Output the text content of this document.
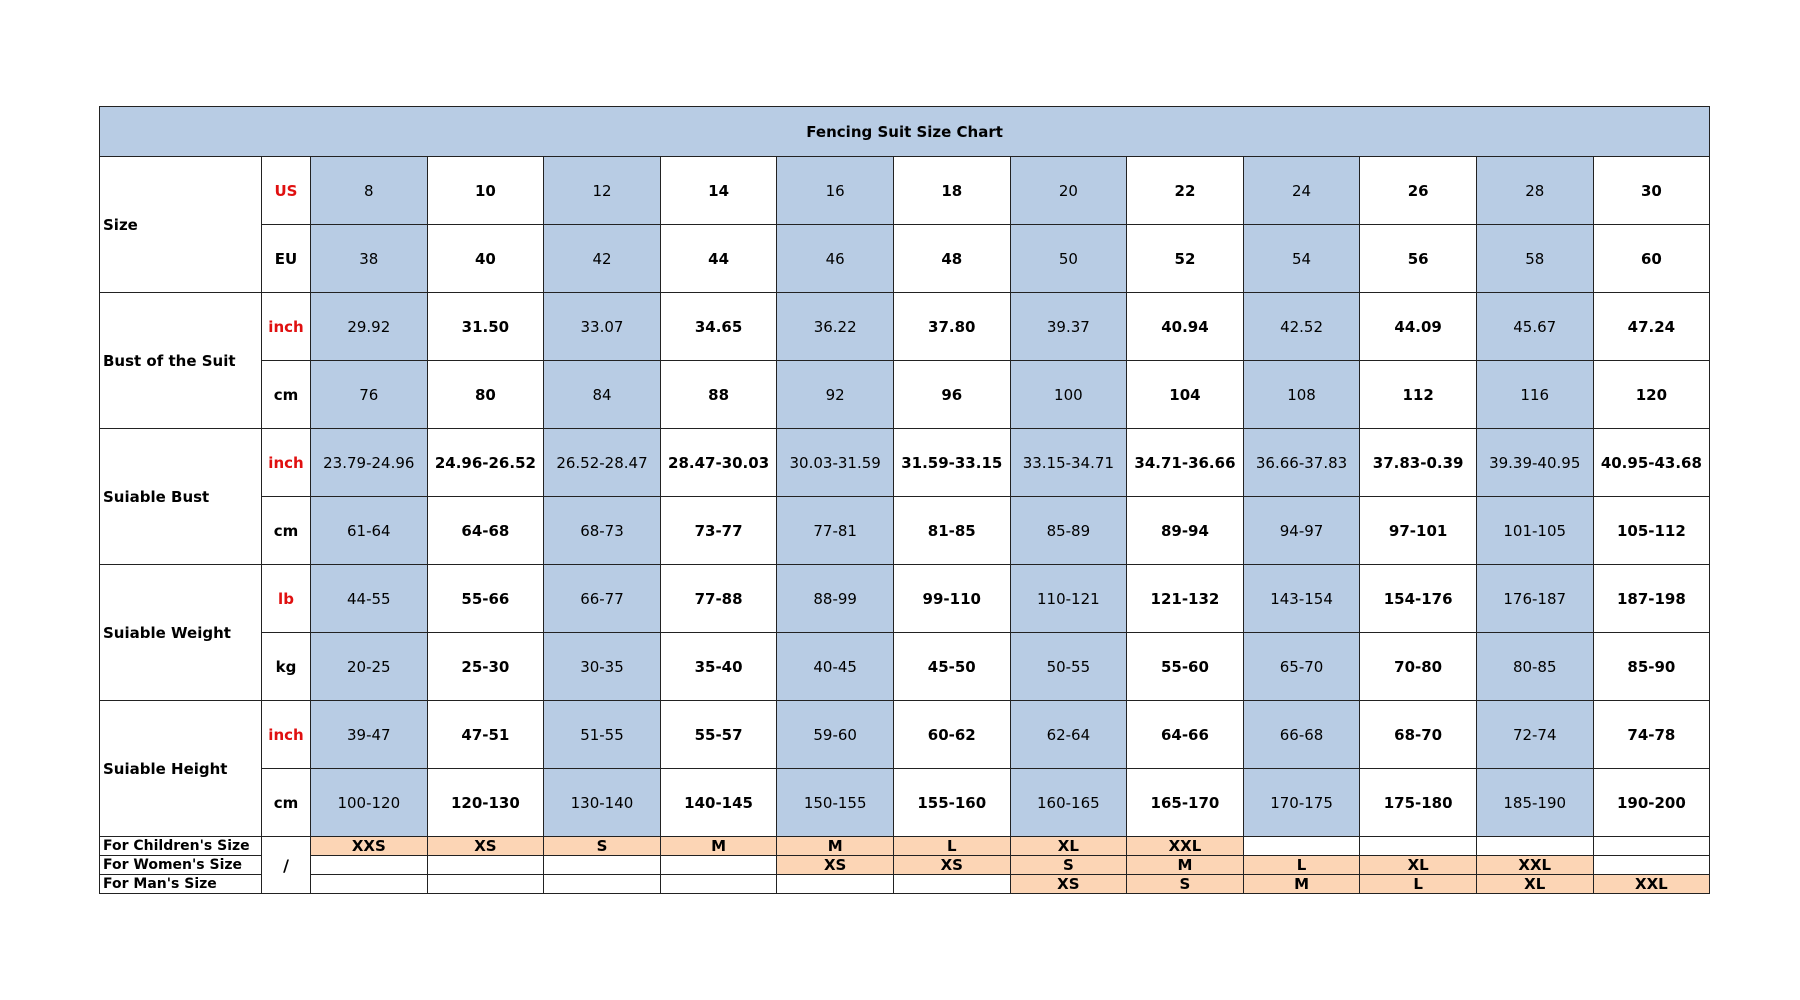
Fencing Suit Size Chart													
Size	US	8	10	12	14	16	18	20	22	24	26	28	30
	EU	38	40	42	44	46	48	50	52	54	56	58	60
Bust of the Suit	inch	29.92	31.50	33.07	34.65	36.22	37.80	39.37	40.94	42.52	44.09	45.67	47.24
	cm	76	80	84	88	92	96	100	104	108	112	116	120
Suiable Bust	inch	23.79-24.96	24.96-26.52	26.52-28.47	28.47-30.03	30.03-31.59	31.59-33.15	33.15-34.71	34.71-36.66	36.66-37.83	37.83-0.39	39.39-40.95	40.95-43.68
	cm	61-64	64-68	68-73	73-77	77-81	81-85	85-89	89-94	94-97	97-101	101-105	105-112
Suiable Weight	lb	44-55	55-66	66-77	77-88	88-99	99-110	110-121	121-132	143-154	154-176	176-187	187-198
	kg	20-25	25-30	30-35	35-40	40-45	45-50	50-55	55-60	65-70	70-80	80-85	85-90
Suiable Height	inch	39-47	47-51	51-55	55-57	59-60	60-62	62-64	64-66	66-68	68-70	72-74	74-78
	cm	100-120	120-130	130-140	140-145	150-155	155-160	160-165	165-170	170-175	175-180	185-190	190-200
For Children's Size	/	XXS	XS	S	M	M	L	XL	XXL				
For Women's Size						XS	XS	S	M	L	XL	XXL	
For Man's Size								XS	S	M	L	XL	XXL
